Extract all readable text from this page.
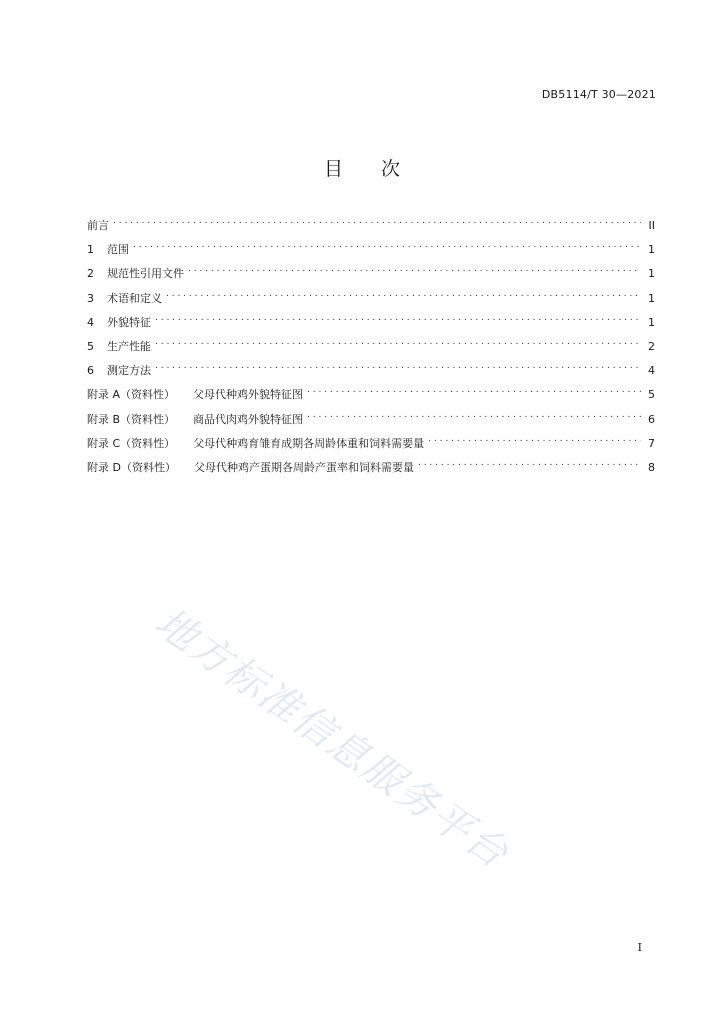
DB5114/T 30—2021
目 次
前言 . . .	II
1	范围 . . .	1
2	规范性引用文件 . . .	1
3	术语和定义 . . .	1
4	外貌特征 . . .	1
5	生产性能 . . .	2
6	测定方法 . . .	4
附录 A（资料性） 父母代种鸡外貌特征图 . . .	5
附录 B（资料性） 商品代肉鸡外貌特征图 . . .	6
附录 C（资料性） 父母代种鸡育雏育成期各周龄体重和饲料需要量 . . .	7
附录 D（资料性） 父母代种鸡产蛋期各周龄产蛋率和饲料需要量 . . .	8
地方标准信息服务平台
I
